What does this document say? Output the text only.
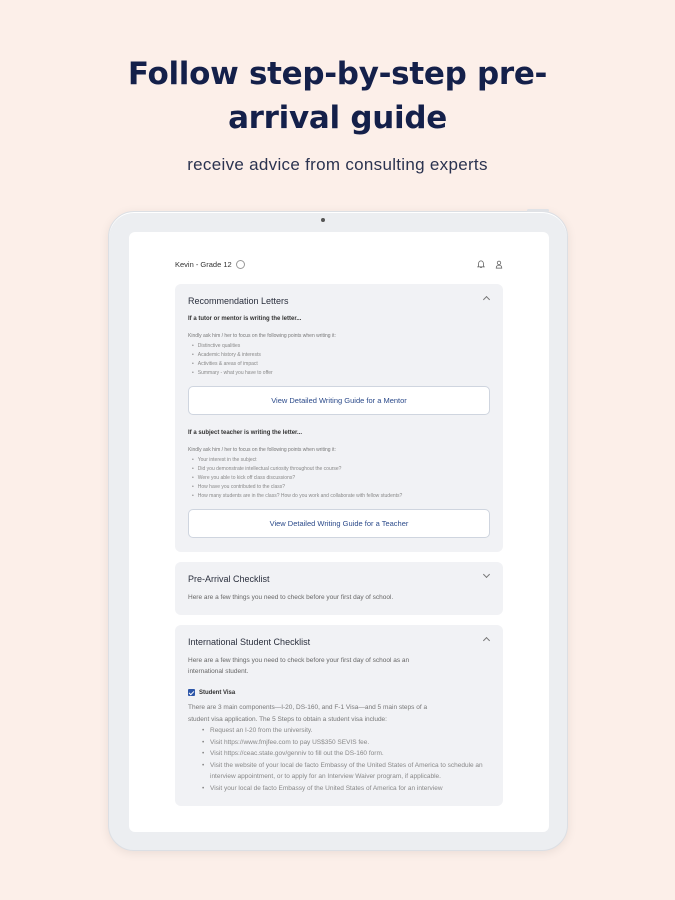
Follow step-by-step pre-
arrival guide
receive advice from consulting experts
Kevin - Grade 12
Recommendation Letters
If a tutor or mentor is writing the letter...
Kindly ask him / her to focus on the following points when writing it:
• Distinctive qualities
• Academic history & interests
• Activities & areas of impact
• Summary - what you have to offer
View Detailed Writing Guide for a Mentor
If a subject teacher is writing the letter...
Kindly ask him / her to focus on the following points when writing it:
• Your interest in the subject
• Did you demonstrate intellectual curiosity throughout the course?
• Were you able to kick off class discussions?
• How have you contributed to the class?
• How many students are in the class? How do you work and collaborate with fellow students?
View Detailed Writing Guide for a Teacher
Pre-Arrival Checklist
Here are a few things you need to check before your first day of school.
International Student Checklist
Here are a few things you need to check before your first day of school as an
international student.
Student Visa
There are 3 main components—I-20, DS-160, and F-1 Visa—and 5 main steps of a
student visa application. The 5 Steps to obtain a student visa include:
• Request an I-20 from the university.
• Visit https://www.fmjfee.com to pay US$350 SEVIS fee.
• Visit https://ceac.state.gov/genniv to fill out the DS-160 form.
• Visit the website of your local de facto Embassy of the United States of America to schedule an interview appointment, or to apply for an Interview Waiver program, if applicable.
• Visit your local de facto Embassy of the United States of America for an interview
